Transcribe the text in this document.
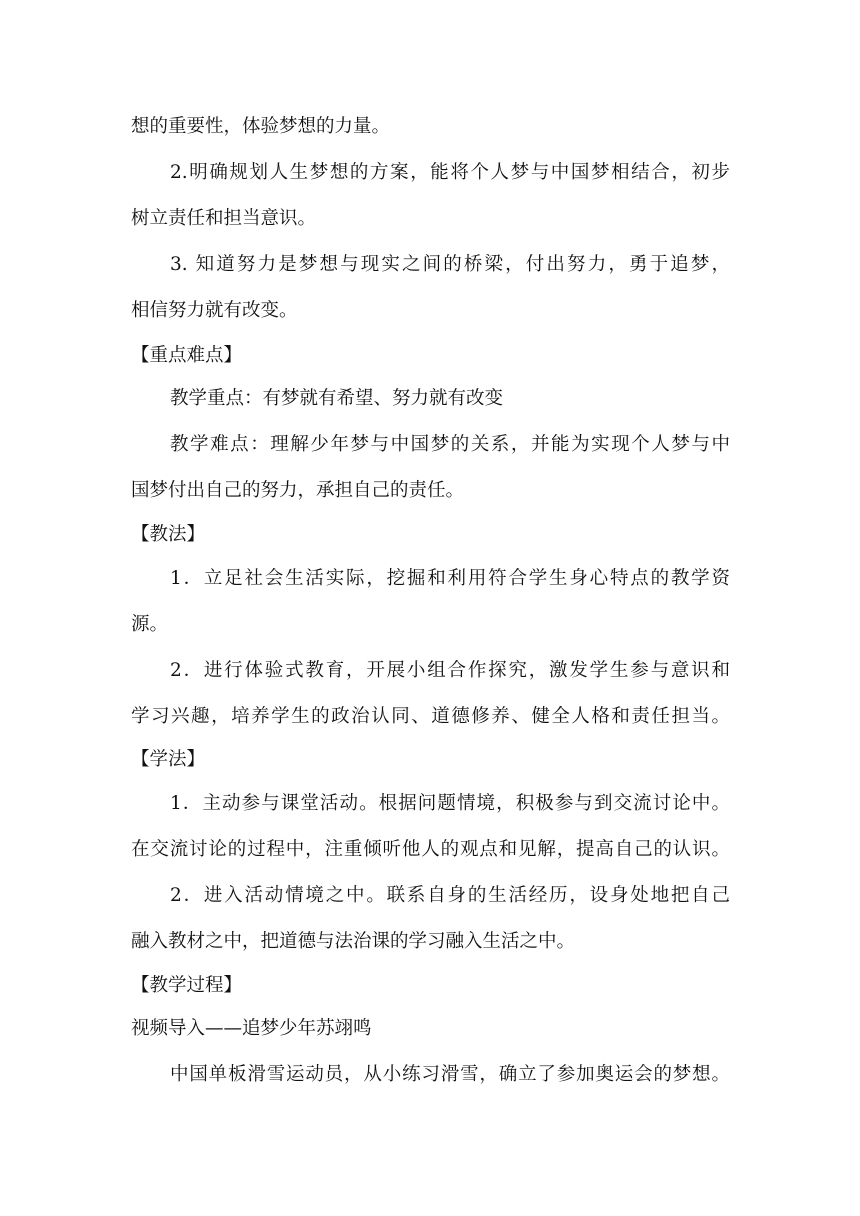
想的重要性，体验梦想的力量。
2.明确规划人生梦想的方案，能将个人梦与中国梦相结合，初步
树立责任和担当意识。
3. 知道努力是梦想与现实之间的桥梁，付出努力，勇于追梦，
相信努力就有改变。
【重点难点】
教学重点：有梦就有希望、努力就有改变
教学难点：理解少年梦与中国梦的关系，并能为实现个人梦与中
国梦付出自己的努力，承担自己的责任。
【教法】
1．立足社会生活实际，挖掘和利用符合学生身心特点的教学资
源。
2．进行体验式教育，开展小组合作探究，激发学生参与意识和
学习兴趣，培养学生的政治认同、道德修养、健全人格和责任担当。
【学法】
1．主动参与课堂活动。根据问题情境，积极参与到交流讨论中。
在交流讨论的过程中，注重倾听他人的观点和见解，提高自己的认识。
2．进入活动情境之中。联系自身的生活经历，设身处地把自己
融入教材之中，把道德与法治课的学习融入生活之中。
【教学过程】
视频导入——追梦少年苏翊鸣
中国单板滑雪运动员，从小练习滑雪，确立了参加奥运会的梦想。
